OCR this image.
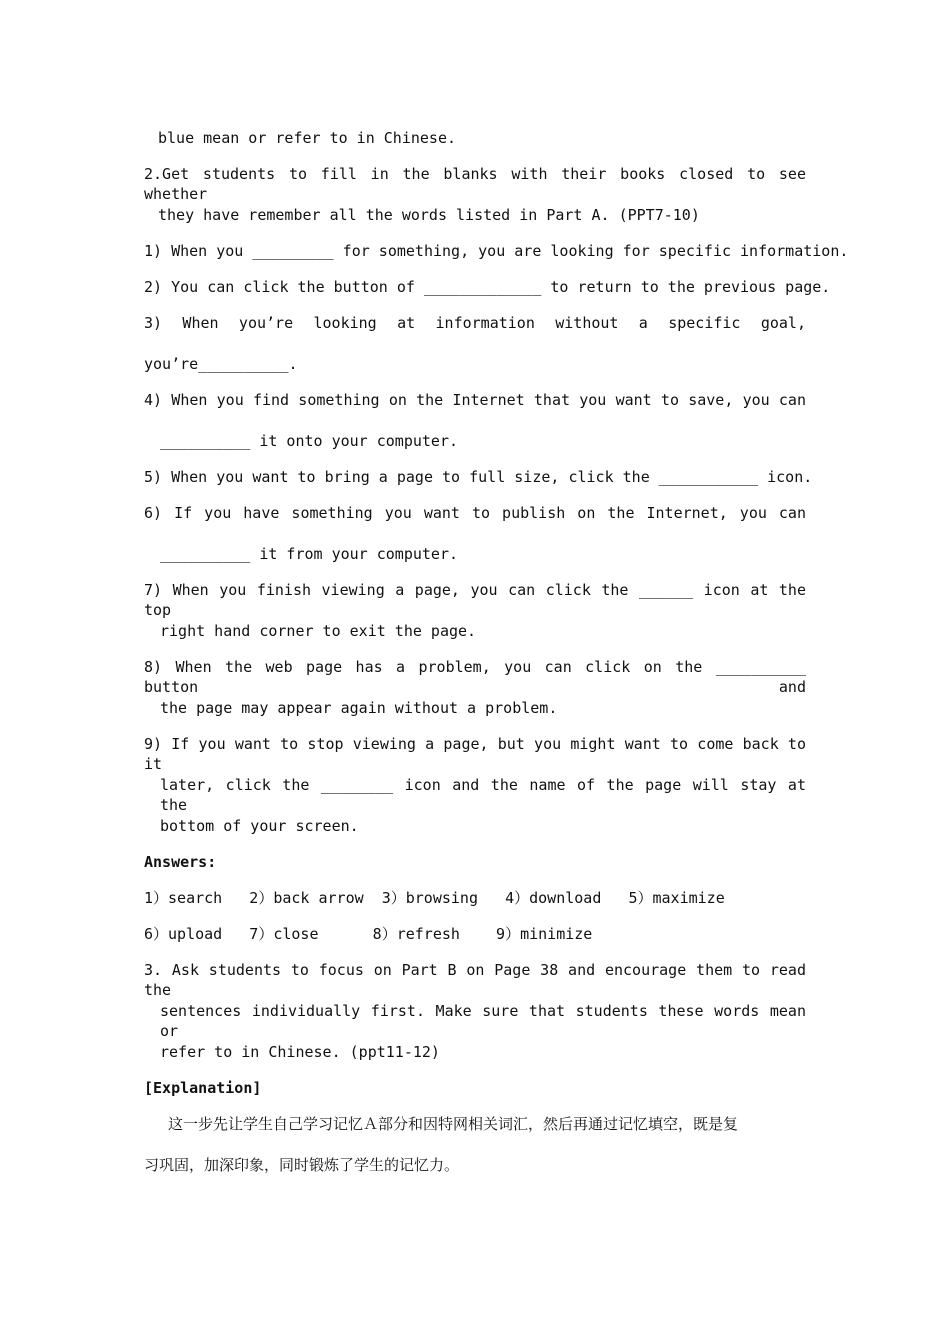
blue mean or refer to in Chinese.
2.Get students to fill in the blanks with their books closed to see whether
they have remember all the words listed in Part A. (PPT7-10)
1) When you _________ for something, you are looking for specific information.
2) You can click the button of _____________ to return to the previous page.
3) When you’re looking at information without a specific goal,
you’re__________.
4) When you find something on the Internet that you want to save, you can
__________ it onto your computer.
5) When you want to bring a page to full size, click the ___________ icon.
6) If you have something you want to publish on the Internet, you can
__________ it from your computer.
7) When you finish viewing a page, you can click the ______ icon at the top
right hand corner to exit the page.
8) When the web page has a problem, you can click on the __________ button and
the page may appear again without a problem.
9) If you want to stop viewing a page, but you might want to come back to it
later, click the ________ icon and the name of the page will stay at the
bottom of your screen.
Answers:
1）search   2）back arrow  3）browsing   4）download   5）maximize
6）upload   7）close      8）refresh    9）minimize
3. Ask students to focus on Part B on Page 38 and encourage them to read the
sentences individually first. Make sure that students these words mean or
refer to in Chinese. (ppt11-12)
[Explanation]
这一步先让学生自己学习记忆Ａ部分和因特网相关词汇，然后再通过记忆填空，既是复
习巩固，加深印象，同时锻炼了学生的记忆力。
